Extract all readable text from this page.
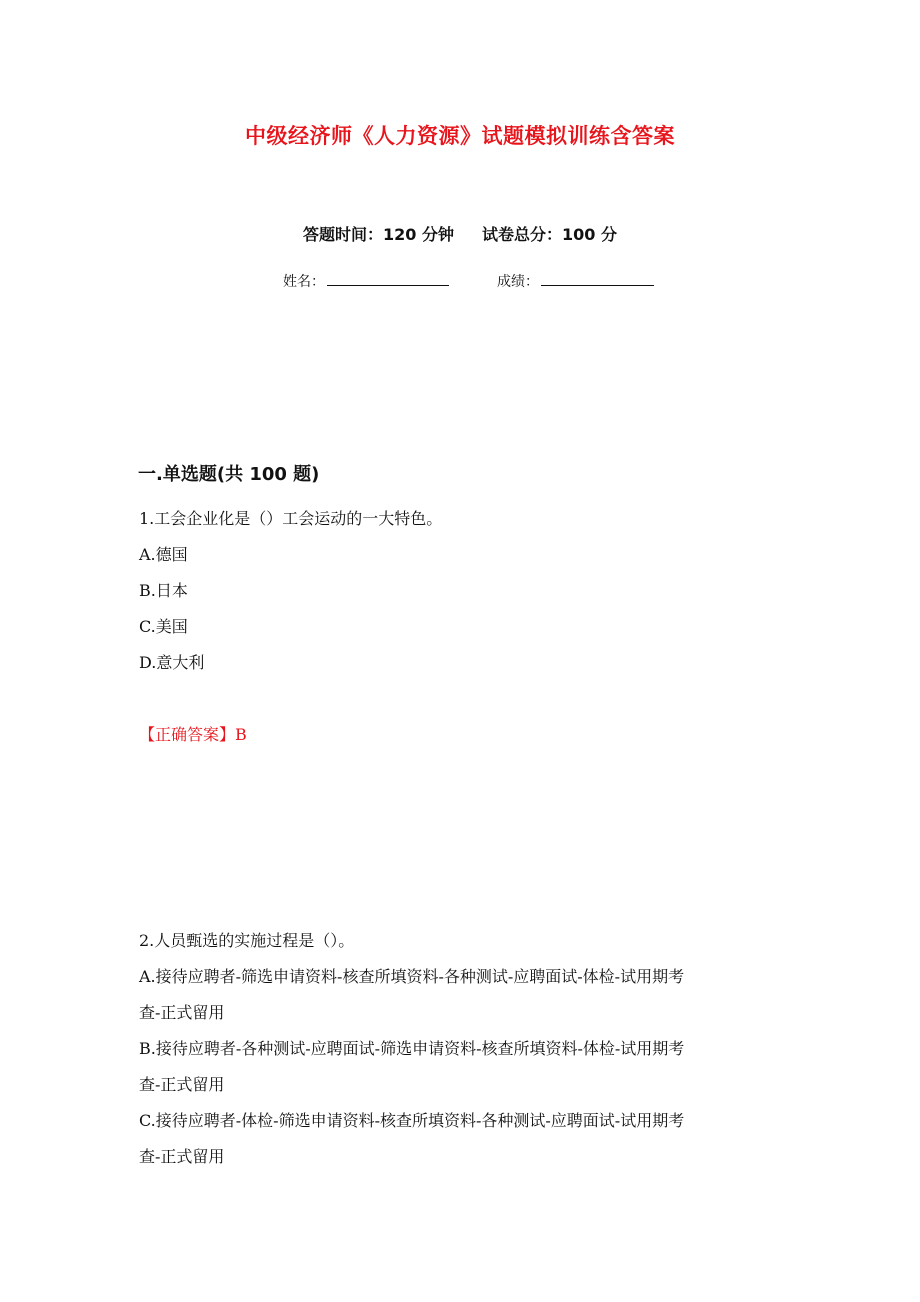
中级经济师《人力资源》试题模拟训练含答案
答题时间：120 分钟 试卷总分：100 分
姓名：	成绩：
一.单选题(共 100 题)
1.工会企业化是（）工会运动的一大特色。
A.德国
B.日本
C.美国
D.意大利
【正确答案】B
2.人员甄选的实施过程是（）。
A.接待应聘者-筛选申请资料-核查所填资料-各种测试-应聘面试-体检-试用期考
查-正式留用
B.接待应聘者-各种测试-应聘面试-筛选申请资料-核查所填资料-体检-试用期考
查-正式留用
C.接待应聘者-体检-筛选申请资料-核查所填资料-各种测试-应聘面试-试用期考
查-正式留用
